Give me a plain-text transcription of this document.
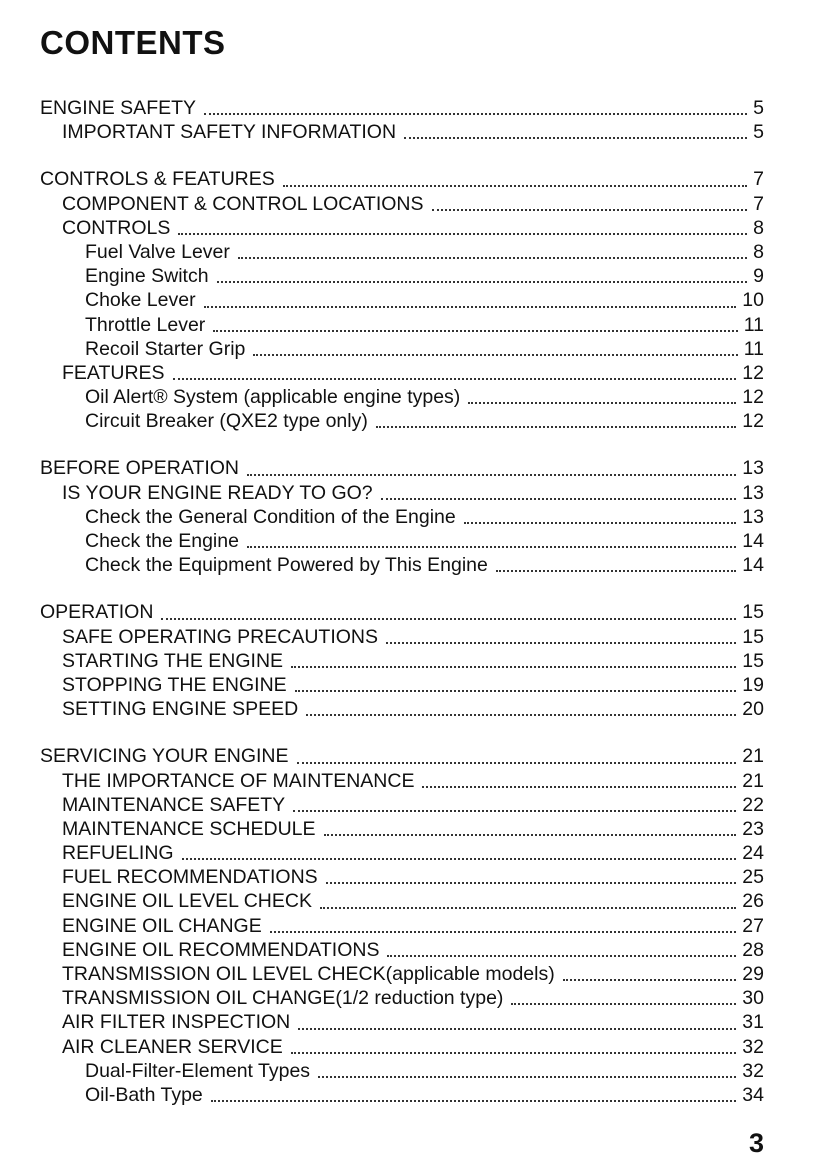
CONTENTS
ENGINE SAFETY	5
IMPORTANT SAFETY INFORMATION	5
CONTROLS & FEATURES	7
COMPONENT & CONTROL LOCATIONS	7
CONTROLS	8
Fuel Valve Lever	8
Engine Switch	9
Choke Lever	10
Throttle Lever	11
Recoil Starter Grip	11
FEATURES	12
Oil Alert® System (applicable engine types)	12
Circuit Breaker (QXE2 type only)	12
BEFORE OPERATION	13
IS YOUR ENGINE READY TO GO?	13
Check the General Condition of the Engine	13
Check the Engine	14
Check the Equipment Powered by This Engine	14
OPERATION	15
SAFE OPERATING PRECAUTIONS	15
STARTING THE ENGINE	15
STOPPING THE ENGINE	19
SETTING ENGINE SPEED	20
SERVICING YOUR ENGINE	21
THE IMPORTANCE OF MAINTENANCE	21
MAINTENANCE SAFETY	22
MAINTENANCE SCHEDULE	23
REFUELING	24
FUEL RECOMMENDATIONS	25
ENGINE OIL LEVEL CHECK	26
ENGINE OIL CHANGE	27
ENGINE OIL RECOMMENDATIONS	28
TRANSMISSION OIL LEVEL CHECK(applicable models)	29
TRANSMISSION OIL CHANGE(1/2 reduction type)	30
AIR FILTER INSPECTION	31
AIR CLEANER SERVICE	32
Dual-Filter-Element Types	32
Oil-Bath Type	34
3
